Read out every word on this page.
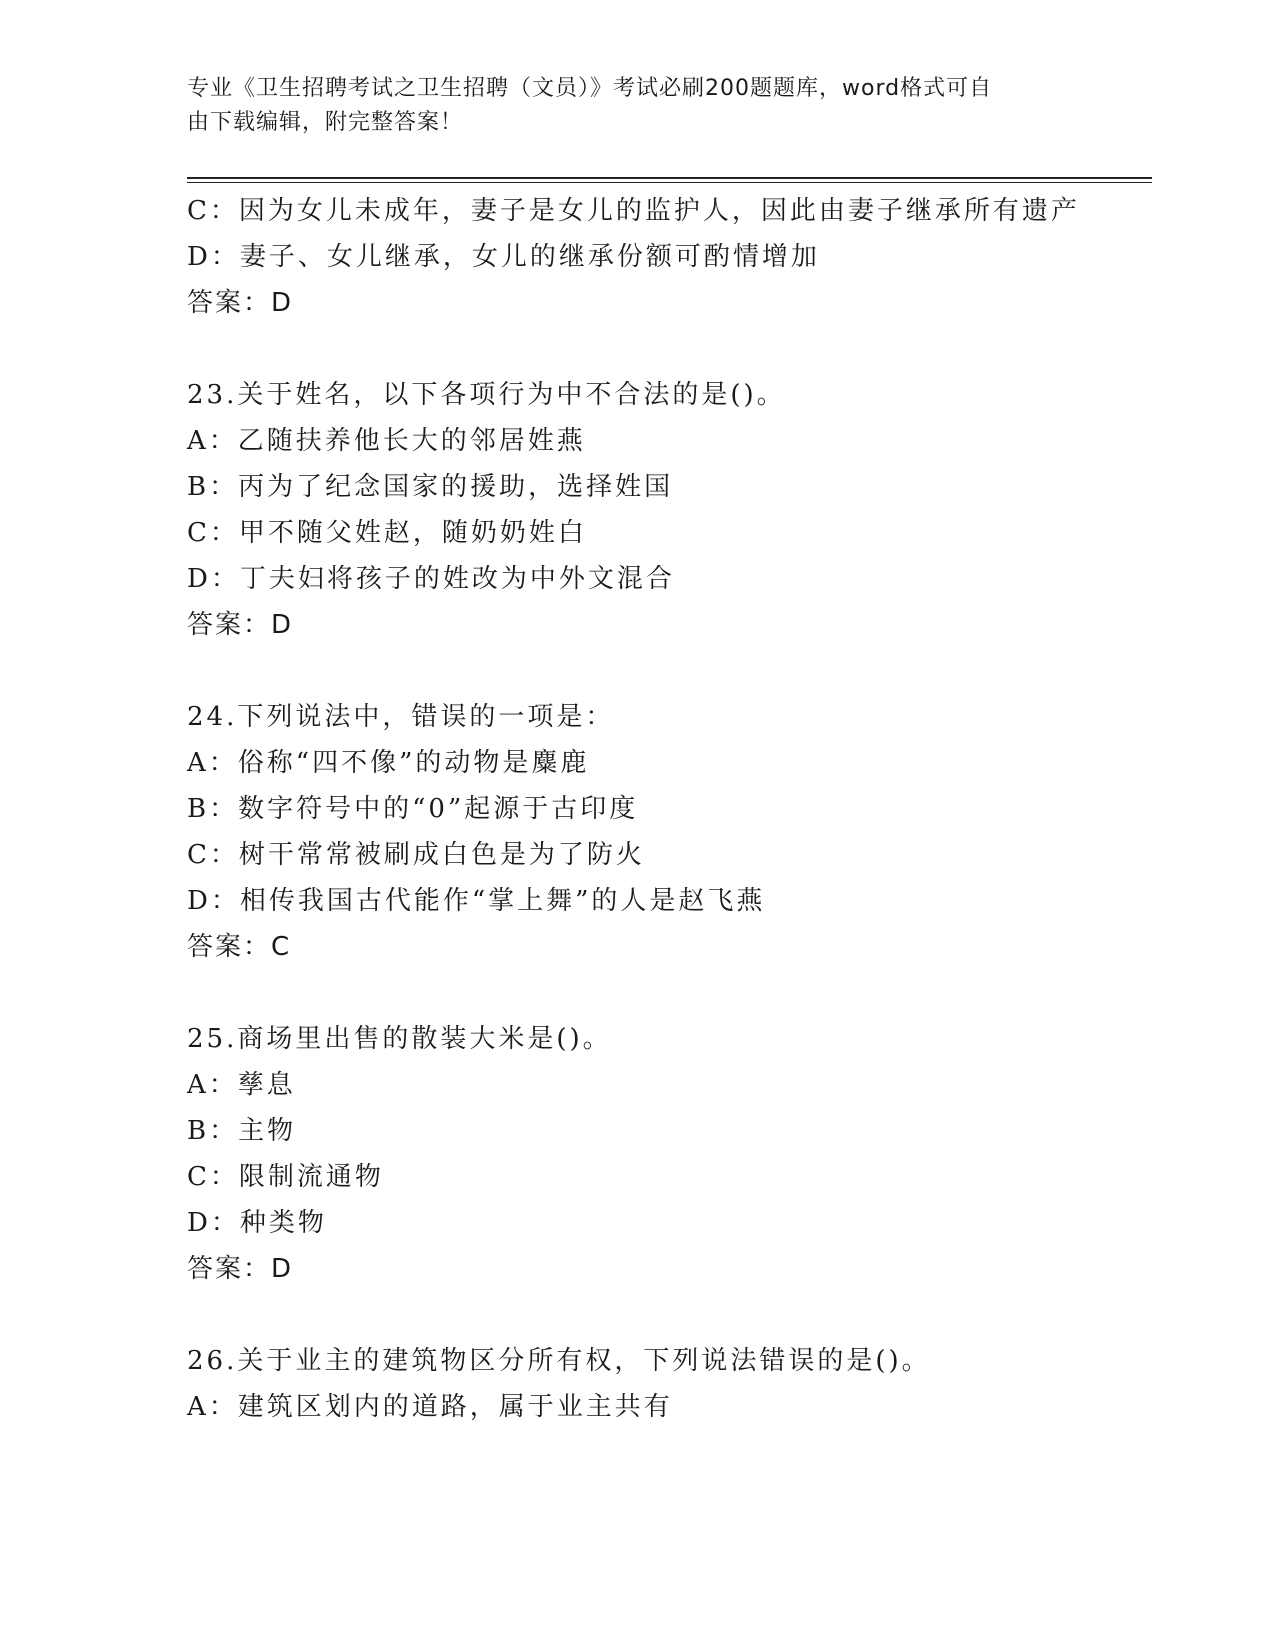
专业《卫生招聘考试之卫生招聘（文员）》考试必刷200题题库，word格式可自
由下载编辑，附完整答案！
C：因为女儿未成年，妻子是女儿的监护人，因此由妻子继承所有遗产
D：妻子、女儿继承，女儿的继承份额可酌情增加
答案：D
23.关于姓名，以下各项行为中不合法的是()。
A：乙随扶养他长大的邻居姓燕
B：丙为了纪念国家的援助，选择姓国
C：甲不随父姓赵，随奶奶姓白
D：丁夫妇将孩子的姓改为中外文混合
答案：D
24.下列说法中，错误的一项是：
A：俗称“四不像”的动物是麋鹿
B：数字符号中的“0”起源于古印度
C：树干常常被刷成白色是为了防火
D：相传我国古代能作“掌上舞”的人是赵飞燕
答案：C
25.商场里出售的散装大米是()。
A：孳息
B：主物
C：限制流通物
D：种类物
答案：D
26.关于业主的建筑物区分所有权，下列说法错误的是()。
A：建筑区划内的道路，属于业主共有
